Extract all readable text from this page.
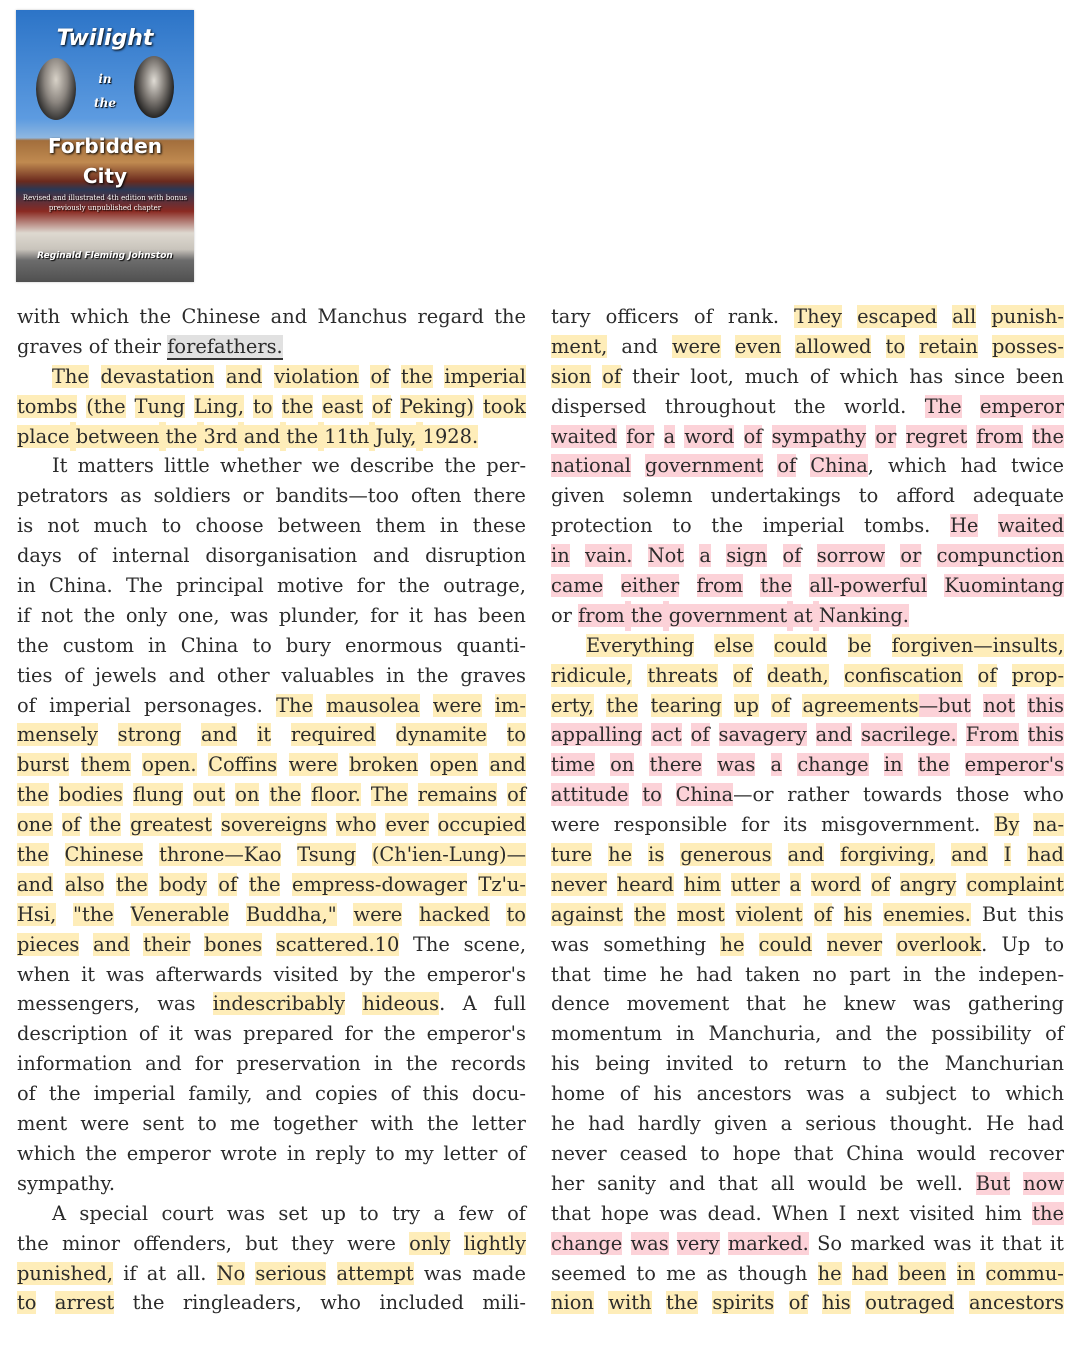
Twilight
in
the
Forbidden
City
Revised and illustrated 4th edition with bonus previously unpublished chapter
Reginald Fleming Johnston
with which the Chinese and Manchus regard the
graves
of
their
forefathers.
The devastation and violation of the imperial
tombs (the Tung Ling, to the east of Peking) took
place
between
the
3rd
and
the
11th
July,
1928.
It matters little whether we describe the per-
petrators as soldiers or bandits—too often there
is not much to choose between them in these
days of internal disorganisation and disruption
in China. The principal motive for the outrage,
if not the only one, was plunder, for it has been
the custom in China to bury enormous quanti-
ties of jewels and other valuables in the graves
of imperial personages. The mausolea were im-
mensely strong and it required dynamite to
burst them open. Coffins were broken open and
the bodies flung out on the floor. The remains of
one of the greatest sovereigns who ever occupied
the Chinese throne—Kao Tsung (Ch'ien-Lung)—
and also the body of the empress-dowager Tz'u-
Hsi, "the Venerable Buddha," were hacked to
pieces and their bones scattered.10 The scene,
when it was afterwards visited by the emperor's
messengers, was indescribably hideous. A full
description of it was prepared for the emperor's
information and for preservation in the records
of the imperial family, and copies of this docu-
ment were sent to me together with the letter
which the emperor wrote in reply to my letter of
sympathy.
A special court was set up to try a few of
the minor offenders, but they were only lightly
punished, if at all. No serious attempt was made
to arrest the ringleaders, who included mili-
tary officers of rank. They escaped all punish-
ment, and were even allowed to retain posses-
sion of their loot, much of which has since been
dispersed throughout the world. The emperor
waited for a word of sympathy or regret from the
national government of China, which had twice
given solemn undertakings to afford adequate
protection to the imperial tombs. He waited
in vain. Not a sign of sorrow or compunction
came either from the all-powerful Kuomintang
or
from
the
government
at
Nanking.
Everything else could be forgiven—insults,
ridicule, threats of death, confiscation of prop-
erty, the tearing up of agreements—but not this
appalling act of savagery and sacrilege. From this
time on there was a change in the emperor's
attitude to China—or rather towards those who
were responsible for its misgovernment. By na-
ture he is generous and forgiving, and I had
never heard him utter a word of angry complaint
against the most violent of his enemies. But this
was something he could never overlook. Up to
that time he had taken no part in the indepen-
dence movement that he knew was gathering
momentum in Manchuria, and the possibility of
his being invited to return to the Manchurian
home of his ancestors was a subject to which
he had hardly given a serious thought. He had
never ceased to hope that China would recover
her sanity and that all would be well. But now
that hope was dead. When I next visited him the
change was very marked. So marked was it that it
seemed to me as though he had been in commu-
nion with the spirits of his outraged ancestors
